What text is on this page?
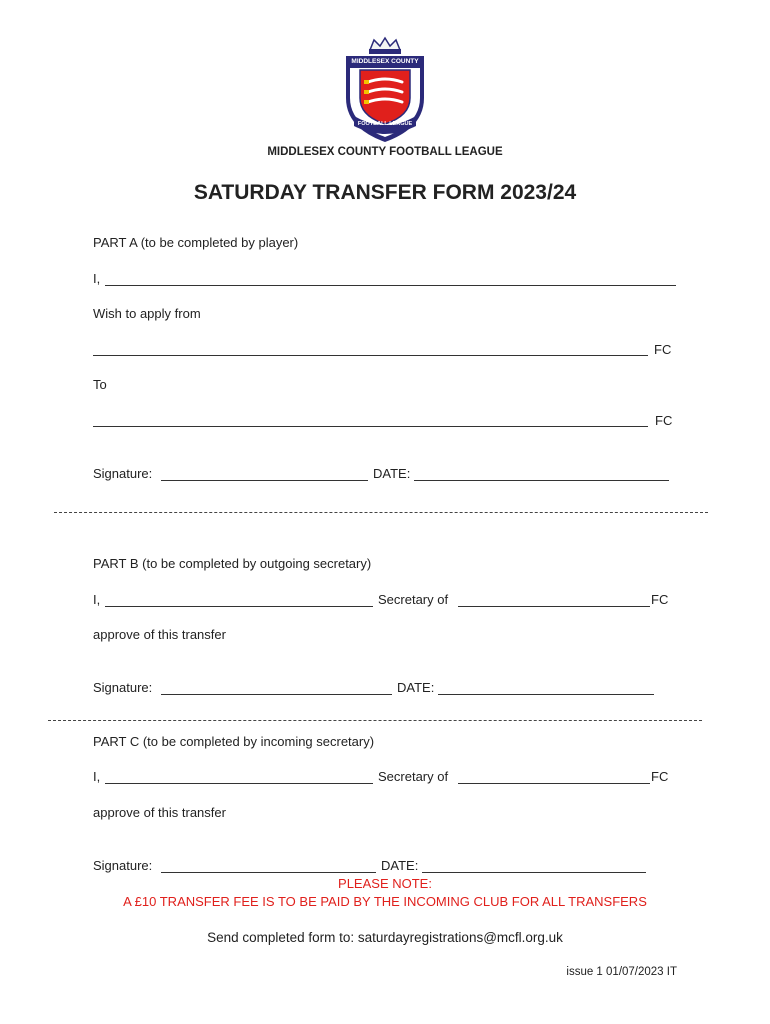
MIDDLESEX COUNTY
FOOTBALL LEAGUE
MIDDLESEX COUNTY FOOTBALL LEAGUE
SATURDAY TRANSFER FORM 2023/24
PART A (to be completed by player)
I,
Wish to apply from
FC
To
FC
Signature:	DATE:
PART B (to be completed by outgoing secretary)
I,	Secretary of	FC
approve of this transfer
Signature:	DATE:
PART C (to be completed by incoming secretary)
I,	Secretary of	FC
approve of this transfer
Signature:	DATE:
PLEASE NOTE:
A £10 TRANSFER FEE IS TO BE PAID BY THE INCOMING CLUB FOR ALL TRANSFERS
Send completed form to: saturdayregistrations@mcfl.org.uk
issue 1 01/07/2023 IT
